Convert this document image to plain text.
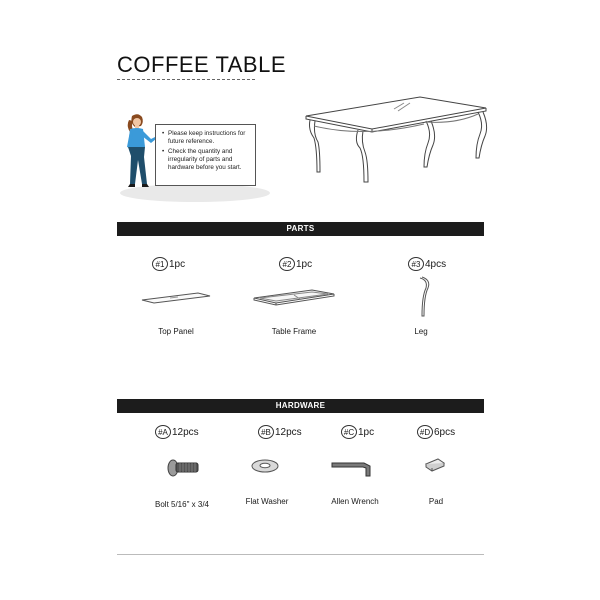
COFFEE TABLE
• Please keep instructions for future reference.
• Check the quantity and irregularity of parts and hardware before you start.
PARTS
#1 1pc
Top Panel
#2 1pc
Table Frame
#3 4pcs
Leg
HARDWARE
#A 12pcs
Bolt 5/16" x 3/4
#B 12pcs
Flat Washer
#C 1pc
Allen Wrench
#D 6pcs
Pad
